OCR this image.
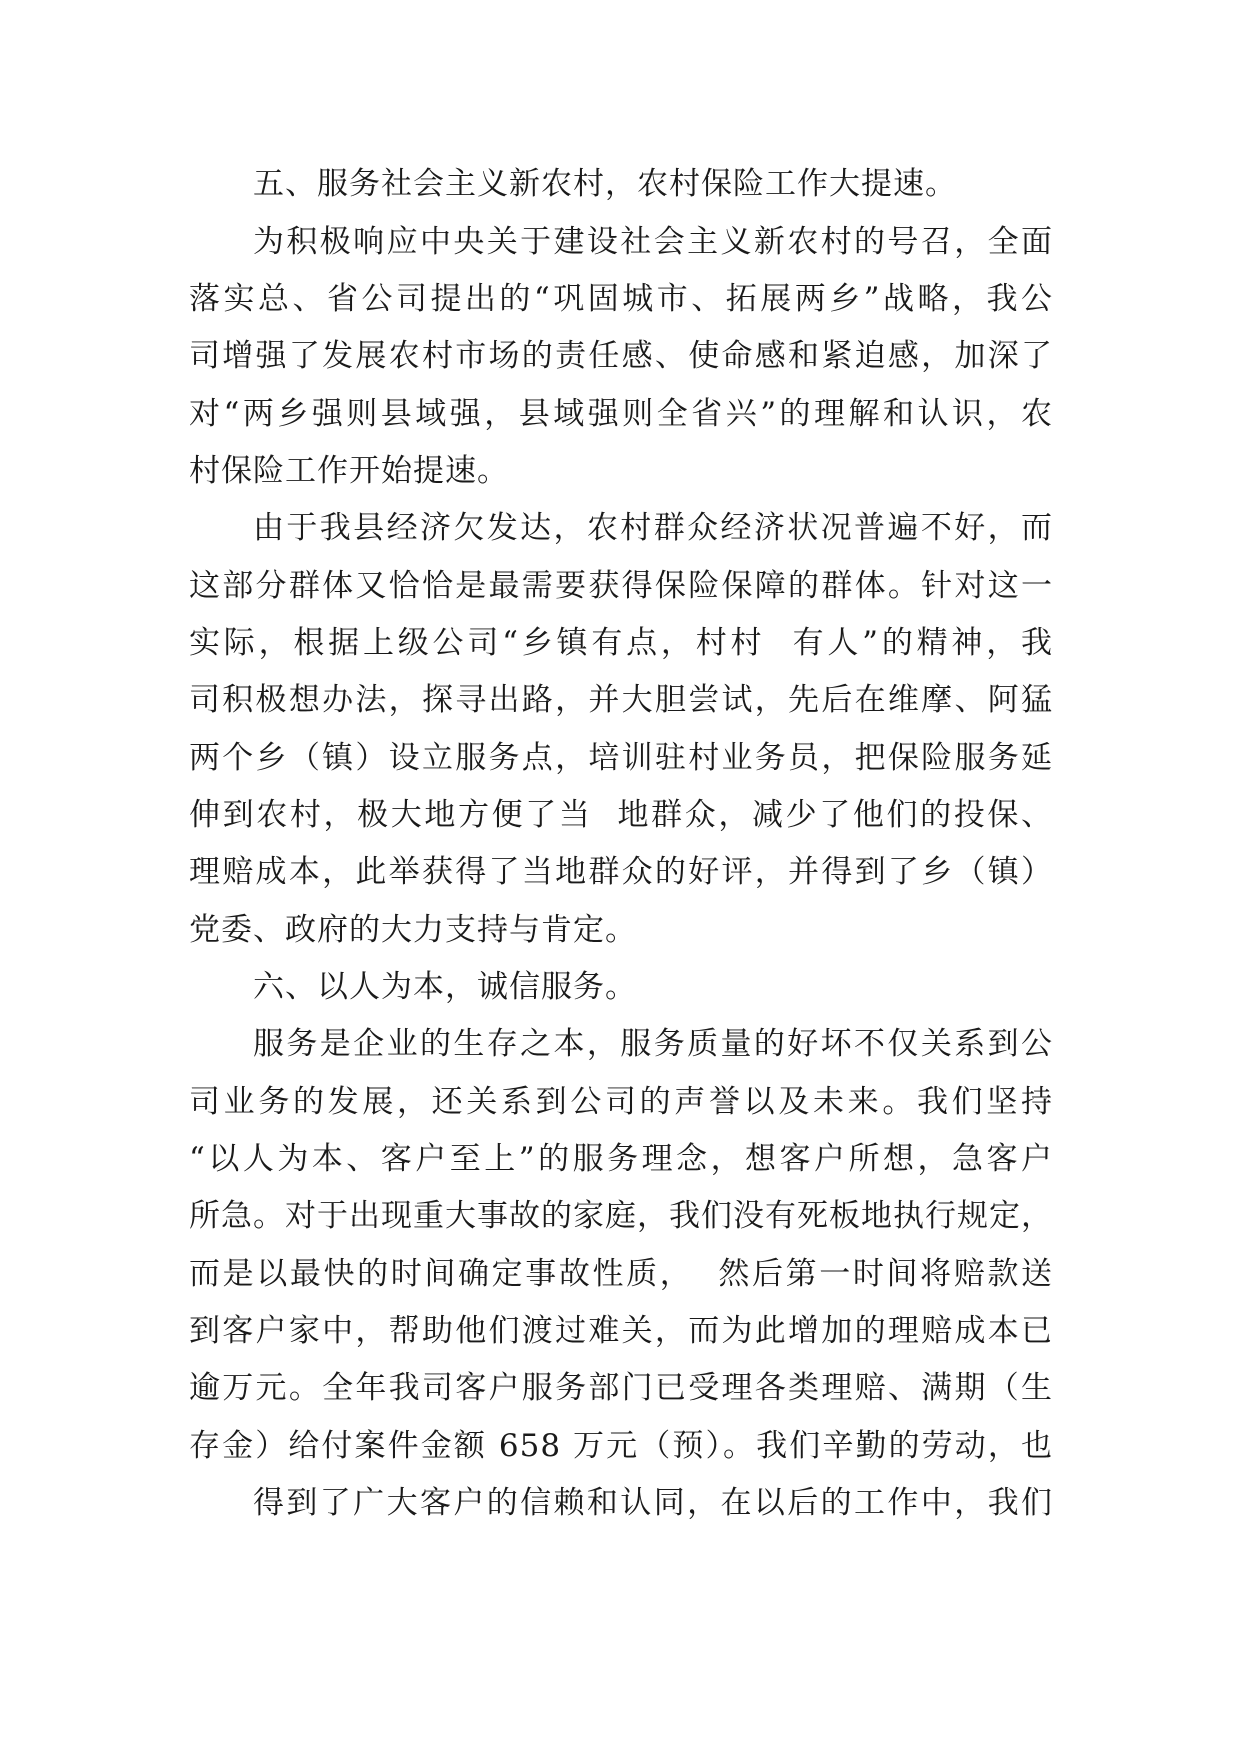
五、服务社会主义新农村，农村保险工作大提速。
为积极响应中央关于建设社会主义新农村的号召，全面
落实总、省公司提出的“巩固城市、拓展两乡”战略，我公
司增强了发展农村市场的责任感、使命感和紧迫感，加深了
对“两乡强则县域强，县域强则全省兴”的理解和认识，农
村保险工作开始提速。
由于我县经济欠发达，农村群众经济状况普遍不好，而
这部分群体又恰恰是最需要获得保险保障的群体。针对这一
实际，根据上级公司“乡镇有点，村村  有人”的精神，我
司积极想办法，探寻出路，并大胆尝试，先后在维摩、阿猛
两个乡（镇）设立服务点，培训驻村业务员，把保险服务延
伸到农村，极大地方便了当  地群众，减少了他们的投保、
理赔成本，此举获得了当地群众的好评，并得到了乡（镇）
党委、政府的大力支持与肯定。
六、以人为本，诚信服务。
服务是企业的生存之本，服务质量的好坏不仅关系到公
司业务的发展，还关系到公司的声誉以及未来。我们坚持
“以人为本、客户至上”的服务理念，想客户所想，急客户
所急。对于出现重大事故的家庭，我们没有死板地执行规定，
而是以最快的时间确定事故性质，  然后第一时间将赔款送
到客户家中，帮助他们渡过难关，而为此增加的理赔成本已
逾万元。全年我司客户服务部门已受理各类理赔、满期（生
存金）给付案件金额 658 万元（预）。我们辛勤的劳动，也
得到了广大客户的信赖和认同，在以后的工作中，我们
